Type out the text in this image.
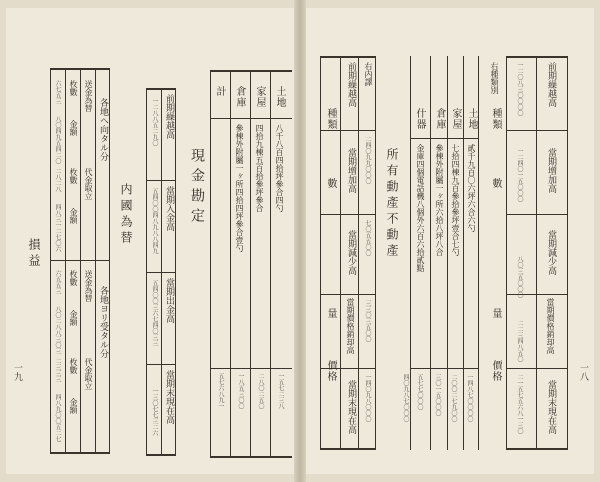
土地
八千八百四拾坪參合四勺
家屋
四拾九棟五百拾參坪參合
倉庫
參棟外附屬一ヶ所四拾四坪參合壹勺
計
一五七二三八
二八〇二五〇
一八五三〇〇
五七六八九一
現金勘定
前期繰越高
當期入金高
當期出金高
當期末現在高
一二八八五二九〇
五四〇〇四八九八八四九
五四〇〇三六七四〇三三
一三〇七七三二六
内國為替
各地ヘ向タル分
各地ヨリ受タル分
送金為替
代金取立
枚數
金額
枚數
金額
送金為替
代金取立
枚數
金額
枚數
金額
六七五三
八〇四九五四二〇
二八二八
四八三一二七〇六
六五五三
八〇二八八三〇三
二三三三
四八九〇〇五二七
損益
一九
前期繰越高
當期增加高
當期減少高
當期價格銷却高
當期末現在高
一二〇八三〇〇〇〇
一二四〇一五〇〇〇
八〇三五〇〇〇
二二三四八五〇
二一五七五六八一三〇
右種類別
種類
數
量
價格
土地
貳千九百〇六坪六合六勺
家屋
七拾四棟九百參拾參坪壹合七勺
倉庫
參棟外附屬一ヶ所六拾八坪八合
什器
金庫四個電話機八個外六百六拾貳點
一四八七〇〇〇〇
二〇〇二七九〇〇
三〇一五〇〇〇
五七七〇〇〇
四〇九八七〇〇〇
所有動產不動產
右内譯
前期繰越高
當期增加高
當期減少高
當期價格銷却高
當期末現在高
種類
數
量
價格
二四〇九九〇〇〇
七〇五五〇〇
三三〇三五〇〇
一四〇九八〇〇〇
一八
